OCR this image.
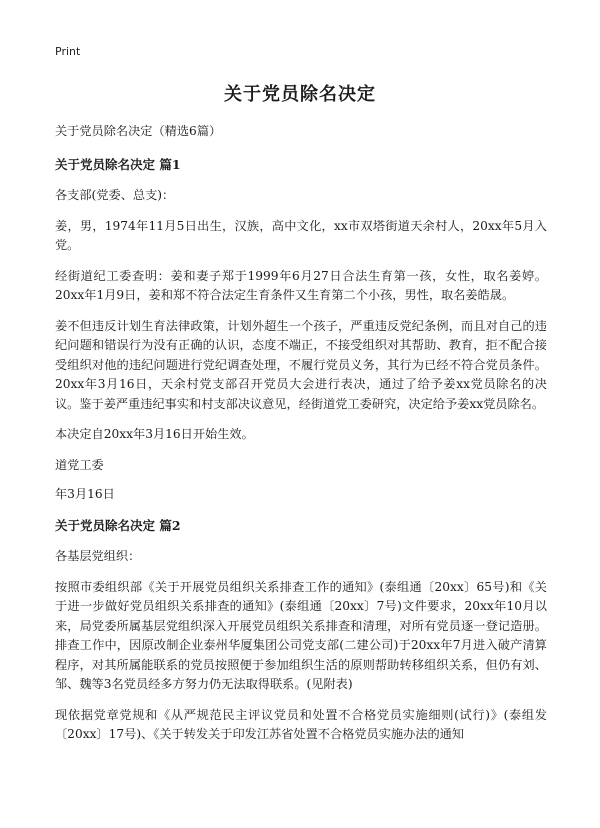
Print
关于党员除名决定

关于党员除名决定（精选6篇）

关于党员除名决定 篇1

各支部(党委、总支)：

姜，男，1974年11月5日出生，汉族，高中文化，xx市双塔街道天余村人，20xx年5月入党。

经街道纪工委查明：姜和妻子郑于1999年6月27日合法生育第一孩，女性，取名姜婷。20xx年1月9日，姜和郑不符合法定生育条件又生育第二个小孩，男性，取名姜皓晟。

姜不但违反计划生育法律政策，计划外超生一个孩子，严重违反党纪条例，而且对自己的违纪问题和错误行为没有正确的认识，态度不端正，不接受组织对其帮助、教育，拒不配合接受组织对他的违纪问题进行党纪调查处理，不履行党员义务，其行为已经不符合党员条件。20xx年3月16日，天余村党支部召开党员大会进行表决，通过了给予姜xx党员除名的决议。鉴于姜严重违纪事实和村支部决议意见，经街道党工委研究，决定给予姜xx党员除名。

本决定自20xx年3月16日开始生效。

道党工委

年3月16日

关于党员除名决定 篇2

各基层党组织：

按照市委组织部《关于开展党员组织关系排查工作的通知》(泰组通〔20xx〕65号)和《关于进一步做好党员组织关系排查的通知》(泰组通〔20xx〕7号)文件要求，20xx年10月以来，局党委所属基层党组织深入开展党员组织关系排查和清理，对所有党员逐一登记造册。排查工作中，因原改制企业泰州华厦集团公司党支部(二建公司)于20xx年7月进入破产清算程序，对其所属能联系的党员按照便于参加组织生活的原则帮助转移组织关系，但仍有刘、邹、魏等3名党员经多方努力仍无法取得联系。(见附表)

现依据党章党规和《从严规范民主评议党员和处置不合格党员实施细则(试行)》(泰组发〔20xx〕17号)、《关于转发关于印发江苏省处置不合格党员实施办法的通知
